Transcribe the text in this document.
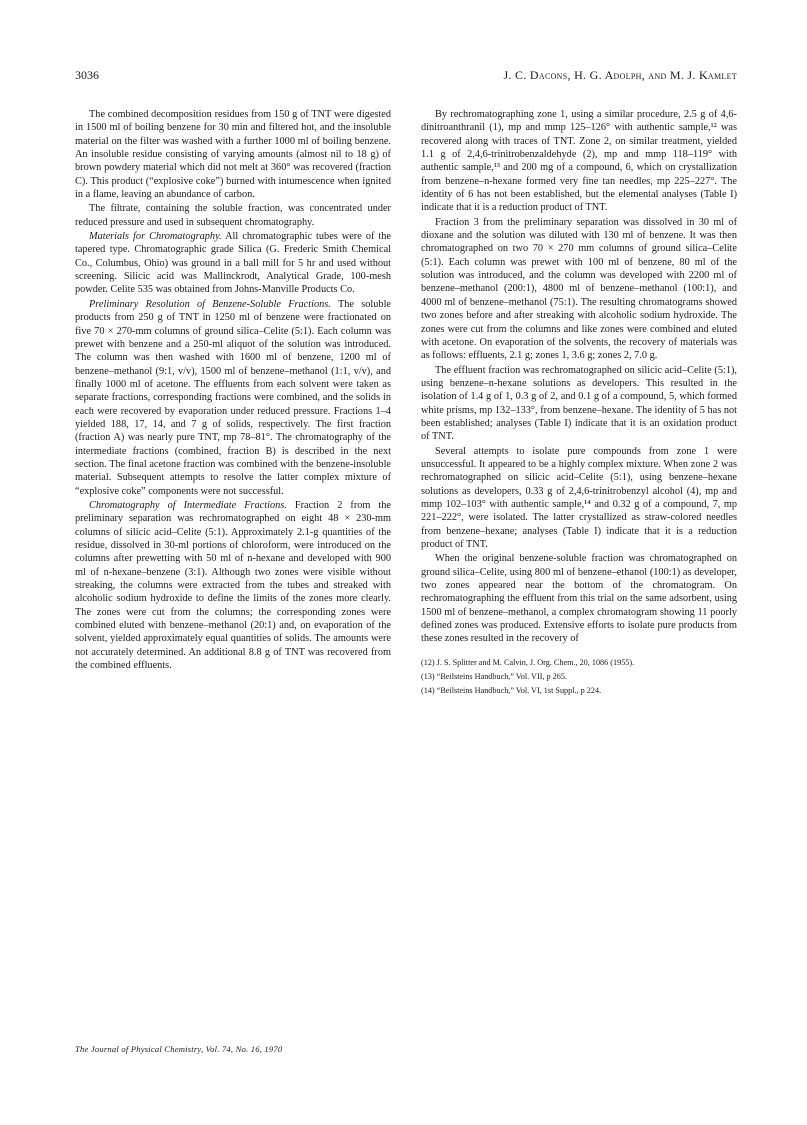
3036	J. C. Dacons, H. G. Adolph, and M. J. Kamlet

The combined decomposition residues from 150 g of TNT were digested in 1500 ml of boiling benzene for 30 min and filtered hot, and the insoluble material on the filter was washed with a further 1000 ml of boiling benzene. An insoluble residue consisting of varying amounts (almost nil to 18 g) of brown powdery material which did not melt at 360° was recovered (fraction C). This product (“explosive coke”) burned with intumescence when ignited in a flame, leaving an abundance of carbon.

The filtrate, containing the soluble fraction, was concentrated under reduced pressure and used in subsequent chromatography.

Materials for Chromatography. All chromatographic tubes were of the tapered type. Chromatographic grade Silica (G. Frederic Smith Chemical Co., Columbus, Ohio) was ground in a ball mill for 5 hr and used without screening. Silicic acid was Mallinckrodt, Analytical Grade, 100-mesh powder. Celite 535 was obtained from Johns-Manville Products Co.

Preliminary Resolution of Benzene-Soluble Fractions. The soluble products from 250 g of TNT in 1250 ml of benzene were fractionated on five 70 × 270-mm columns of ground silica–Celite (5:1). Each column was prewet with benzene and a 250-ml aliquot of the solution was introduced. The column was then washed with 1600 ml of benzene, 1200 ml of benzene–methanol (9:1, v/v), 1500 ml of benzene–methanol (1:1, v/v), and finally 1000 ml of acetone. The effluents from each solvent were taken as separate fractions, corresponding fractions were combined, and the solids in each were recovered by evaporation under reduced pressure. Fractions 1–4 yielded 188, 17, 14, and 7 g of solids, respectively. The first fraction (fraction A) was nearly pure TNT, mp 78–81°. The chromatography of the intermediate fractions (combined, fraction B) is described in the next section. The final acetone fraction was combined with the benzene-insoluble material. Subsequent attempts to resolve the latter complex mixture of “explosive coke” components were not successful.

Chromatography of Intermediate Fractions. Fraction 2 from the preliminary separation was rechromatographed on eight 48 × 230-mm columns of silicic acid–Celite (5:1). Approximately 2.1-g quantities of the residue, dissolved in 30-ml portions of chloroform, were introduced on the columns after prewetting with 50 ml of n-hexane and developed with 900 ml of n-hexane–benzene (3:1). Although two zones were visible without streaking, the columns were extracted from the tubes and streaked with alcoholic sodium hydroxide to define the limits of the zones more clearly. The zones were cut from the columns; the corresponding zones were combined eluted with benzene–methanol (20:1) and, on evaporation of the solvent, yielded approximately equal quantities of solids. The amounts were not accurately determined. An additional 8.8 g of TNT was recovered from the combined effluents.

By rechromatographing zone 1, using a similar procedure, 2.5 g of 4,6-dinitroanthranil (1), mp and mmp 125–126° with authentic sample,¹² was recovered along with traces of TNT. Zone 2, on similar treatment, yielded 1.1 g of 2,4,6-trinitrobenzaldehyde (2), mp and mmp 118–119° with authentic sample,¹³ and 200 mg of a compound, 6, which on crystallization from benzene–n-hexane formed very fine tan needles, mp 225–227°. The identity of 6 has not been established, but the elemental analyses (Table I) indicate that it is a reduction product of TNT.

Fraction 3 from the preliminary separation was dissolved in 30 ml of dioxane and the solution was diluted with 130 ml of benzene. It was then chromatographed on two 70 × 270 mm columns of ground silica–Celite (5:1). Each column was prewet with 100 ml of benzene, 80 ml of the solution was introduced, and the column was developed with 2200 ml of benzene–methanol (200:1), 4800 ml of benzene–methanol (100:1), and 4000 ml of benzene–methanol (75:1). The resulting chromatograms showed two zones before and after streaking with alcoholic sodium hydroxide. The zones were cut from the columns and like zones were combined and eluted with acetone. On evaporation of the solvents, the recovery of materials was as follows: effluents, 2.1 g; zones 1, 3.6 g; zones 2, 7.0 g.

The effluent fraction was rechromatographed on silicic acid–Celite (5:1), using benzene–n-hexane solutions as developers. This resulted in the isolation of 1.4 g of 1, 0.3 g of 2, and 0.1 g of a compound, 5, which formed white prisms, mp 132–133°, from benzene–hexane. The identity of 5 has not been established; analyses (Table I) indicate that it is an oxidation product of TNT.

Several attempts to isolate pure compounds from zone 1 were unsuccessful. It appeared to be a highly complex mixture. When zone 2 was rechromatographed on silicic acid–Celite (5:1), using benzene–hexane solutions as developers, 0.33 g of 2,4,6-trinitrobenzyl alcohol (4), mp and mmp 102–103° with authentic sample,¹⁴ and 0.32 g of a compound, 7, mp 221–222°, were isolated. The latter crystallized as straw-colored needles from benzene–hexane; analyses (Table I) indicate that it is a reduction product of TNT.

When the original benzene-soluble fraction was chromatographed on ground silica–Celite, using 800 ml of benzene–ethanol (100:1) as developer, two zones appeared near the bottom of the chromatogram. On rechromatographing the effluent from this trial on the same adsorbent, using 1500 ml of benzene–methanol, a complex chromatogram showing 11 poorly defined zones was produced. Extensive efforts to isolate pure products from these zones resulted in the recovery of

(12) J. S. Splitter and M. Calvin, J. Org. Chem., 20, 1086 (1955).
(13) “Beilsteins Handbuch,” Vol. VII, p 265.
(14) “Beilsteins Handbuch,” Vol. VI, 1st Suppl., p 224.
The Journal of Physical Chemistry, Vol. 74, No. 16, 1970
